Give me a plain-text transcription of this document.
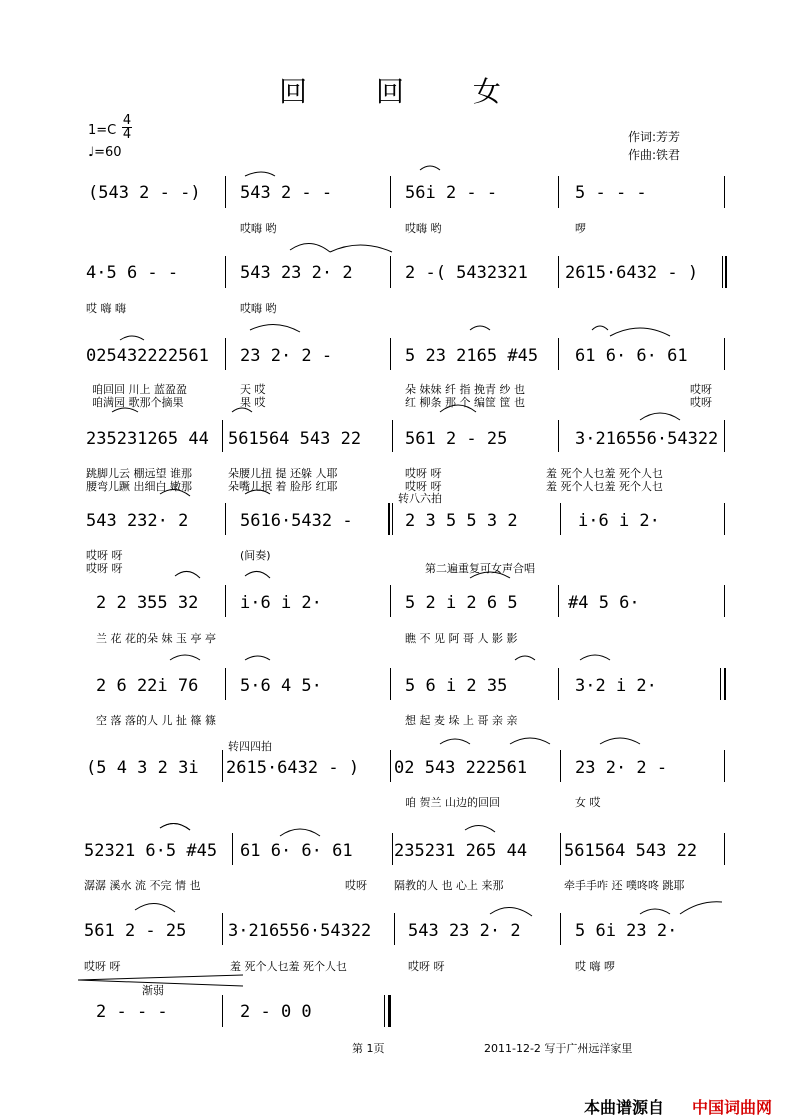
回 回 女
1=C
4
4
♩=60
作词:芳芳
作曲:铁君
(543 2 - -) 543 2 - -	56i 2 - -	5 - - -
哎嗨 哟	哎嗨 哟	啰
4·5 6 - -	543 23 2· 2	2 -( 5432321 2615·6432 - )
哎 嗨 嗨	哎嗨 哟
025432222561 23 2· 2 -	5 23 2165 #45 61 6· 6· 61
咱回回 川上 蓝盈盈	天 哎	朵 妹妹 纤 指 挽青 纱 也	哎呀
咱满园 歌那个摘果	果 哎	红 柳条 那 个 编筐 筐 也	哎呀
235231265 44 561564 543 22	561 2 - 25	3·216556·54322
跳脚儿云 棚远望 谁那	朵腰儿扭 提 还躲 人耶	哎呀 呀	羞 死个人乜羞 死个人乜
腰弯儿蹶 出细白 嫩那	朵嘴儿抿 着 脸彤 红耶	哎呀 呀	羞 死个人乜羞 死个人乜
转八六拍
543 232· 2	5616·5432 -	2 3 5 5 3 2	i·6 i 2·
哎呀 呀	(间奏)
哎呀 呀	第二遍重复可女声合唱
2 2 355 32 i·6 i 2·	5 2 i 2 6 5	#4 5 6·
兰 花 花的朵 妹 玉 亭 亭	瞧 不 见 阿 哥 人 影 影
2 6 22i 76 5·6 4 5·	5 6 i 2 35	3·2 i 2·
空 落 落的人 儿 扯 篠 篠	想 起 麦 垛 上 哥 亲 亲
转四四拍
(5 4 3 2 3i 2615·6432 - ) 02 543 222561	23 2· 2 -
咱 贺兰 山边的回回	女 哎
52321 6·5 #45 61 6· 6· 61 235231 265 44 561564 543 22
潺潺 溪水 流 不完 情 也	哎呀 隔教的人 也 心上 来那	牵手手咋 还 噗咚咚 跳耶
561 2 - 25 3·216556·54322 543 23 2· 2	5 6i 23 2·
哎呀 呀	羞 死个人乜羞 死个人乜	哎呀 呀	哎 嗨 啰
渐弱
2 - - -	2 - 0 0
第 1页	2011-12-2 写于广州远洋家里
本曲谱源自 中国词曲网
